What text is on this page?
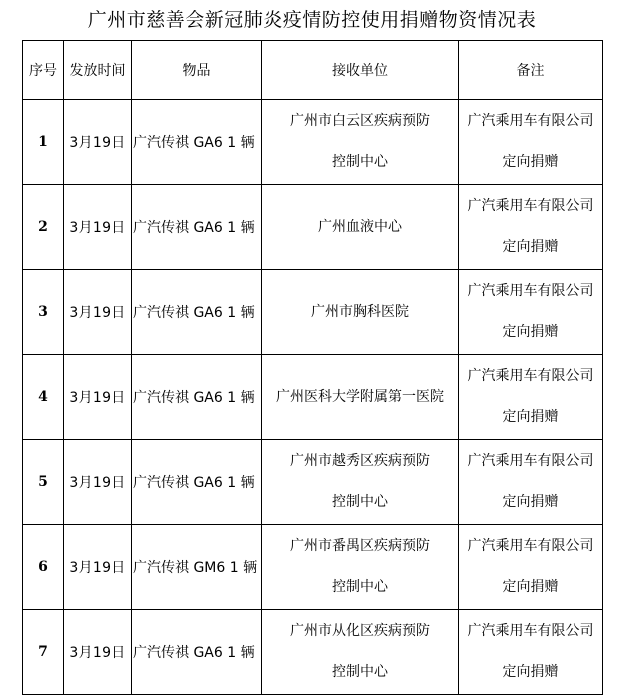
广州市慈善会新冠肺炎疫情防控使用捐赠物资情况表
序号	发放时间	物品	接收单位	备注
1	3月19日	广汽传祺 GA6 1 辆	广州市白云区疾病预防
控制中心	广汽乘用车有限公司
定向捐赠

2	3月19日	广汽传祺 GA6 1 辆	广州血液中心	广汽乘用车有限公司
定向捐赠

3	3月19日	广汽传祺 GA6 1 辆	广州市胸科医院	广汽乘用车有限公司
定向捐赠

4	3月19日	广汽传祺 GA6 1 辆	广州医科大学附属第一医院	广汽乘用车有限公司
定向捐赠

5	3月19日	广汽传祺 GA6 1 辆	广州市越秀区疾病预防
控制中心	广汽乘用车有限公司
定向捐赠

6	3月19日	广汽传祺 GM6 1 辆	广州市番禺区疾病预防
控制中心	广汽乘用车有限公司
定向捐赠

7	3月19日	广汽传祺 GA6 1 辆	广州市从化区疾病预防
控制中心	广汽乘用车有限公司
定向捐赠
